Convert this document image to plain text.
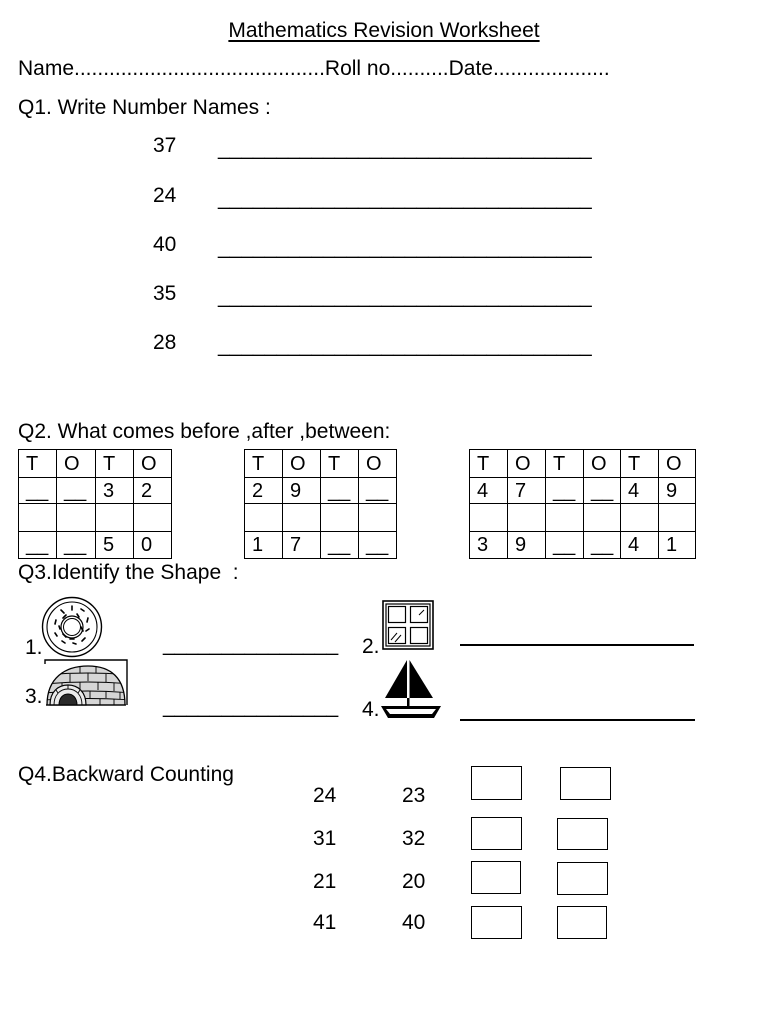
Mathematics Revision Worksheet
Name...........................................Roll no..........Date....................
Q1. Write Number Names :
37 ________________________________
24 ________________________________
40 ________________________________
35 ________________________________
28 ________________________________
Q2. What comes before ,after ,between:
T	O	T	O
__	__	3	2

__	__	5	0
T	O	T	O
2	9	__	__

1	7	__	__
T	O	T	O	T	O
4	7	__	__	4	9

3	9	__	__	4	1
Q3.Identify the Shape  :
1.	_______________ 2.
3.	_______________ 4.
Q4.Backward Counting
24	23
31	32
21	20
41	40
